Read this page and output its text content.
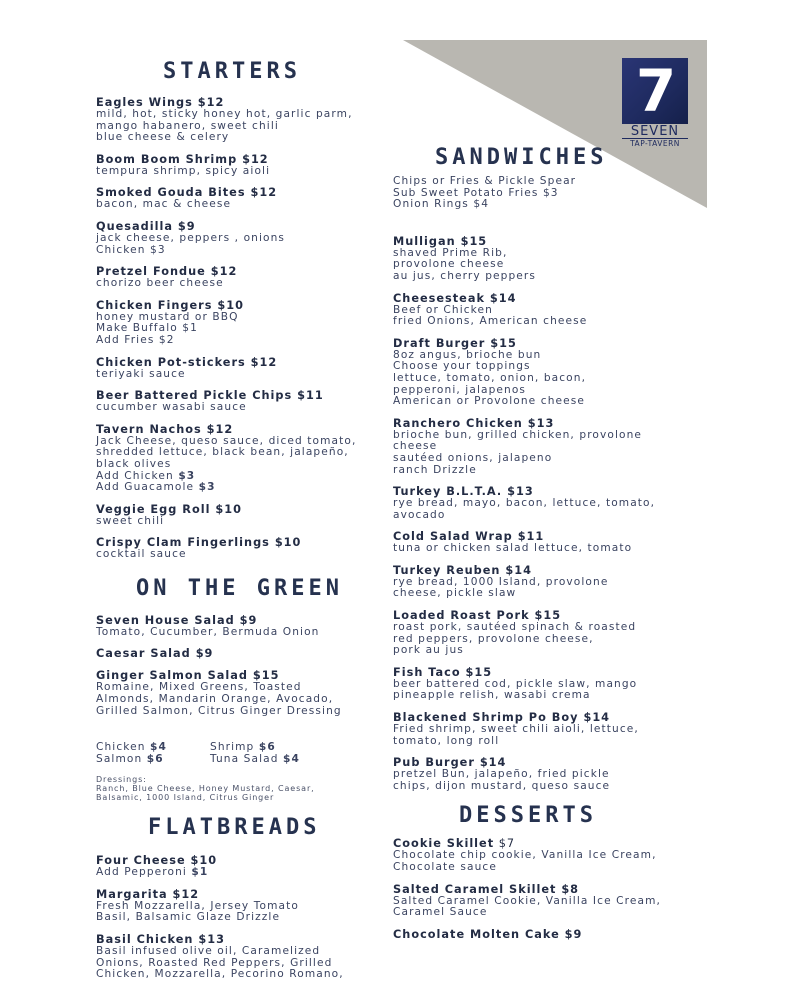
7
SEVEN
TAP-TAVERN
STARTERS
Eagles Wings $12
mild, hot, sticky honey hot, garlic parm,
mango habanero, sweet chili
blue cheese & celery
Boom Boom Shrimp $12
tempura shrimp, spicy aioli
Smoked Gouda Bites $12
bacon, mac & cheese
Quesadilla $9
jack cheese, peppers , onions
Chicken $3
Pretzel Fondue $12
chorizo beer cheese
Chicken Fingers $10
honey mustard or BBQ
Make Buffalo $1
Add Fries $2
Chicken Pot-stickers $12
teriyaki sauce
Beer Battered Pickle Chips $11
cucumber wasabi sauce
Tavern Nachos $12
Jack Cheese, queso sauce, diced tomato,
shredded lettuce, black bean, jalapeño,
black olives
Add Chicken $3
Add Guacamole $3
Veggie Egg Roll $10
sweet chili
Crispy Clam Fingerlings $10
cocktail sauce
ON THE GREEN
Seven House Salad $9
Tomato, Cucumber, Bermuda Onion
Caesar Salad $9
Ginger Salmon Salad $15
Romaine, Mixed Greens, Toasted
Almonds, Mandarin Orange, Avocado,
Grilled Salmon, Citrus Ginger Dressing
Chicken $4	Shrimp $6
Salmon $6	Tuna Salad $4
Dressings:
Ranch, Blue Cheese, Honey Mustard, Caesar,
Balsamic, 1000 Island, Citrus Ginger
FLATBREADS
Four Cheese $10
Add Pepperoni $1
Margarita $12
Fresh Mozzarella, Jersey Tomato
Basil, Balsamic Glaze Drizzle
Basil Chicken $13
Basil infused olive oil, Caramelized
Onions, Roasted Red Peppers, Grilled
Chicken, Mozzarella, Pecorino Romano,
SANDWICHES
Chips or Fries & Pickle Spear
Sub Sweet Potato Fries $3
Onion Rings $4
Mulligan $15
shaved Prime Rib,
provolone cheese
au jus, cherry peppers
Cheesesteak $14
Beef or Chicken
fried Onions, American cheese
Draft Burger $15
8oz angus, brioche bun
Choose your toppings
lettuce, tomato, onion, bacon,
pepperoni, jalapenos
American or Provolone cheese
Ranchero Chicken $13
brioche bun, grilled chicken, provolone
cheese
sautéed onions, jalapeno
ranch Drizzle
Turkey B.L.T.A. $13
rye bread, mayo, bacon, lettuce, tomato,
avocado
Cold Salad Wrap $11
tuna or chicken salad lettuce, tomato
Turkey Reuben $14
rye bread, 1000 Island, provolone
cheese, pickle slaw
Loaded Roast Pork $15
roast pork, sautéed spinach & roasted
red peppers, provolone cheese,
pork au jus
Fish Taco $15
beer battered cod, pickle slaw, mango
pineapple relish, wasabi crema
Blackened Shrimp Po Boy $14
Fried shrimp, sweet chili aioli, lettuce,
tomato, long roll
Pub Burger $14
pretzel Bun, jalapeño, fried pickle
chips, dijon mustard, queso sauce
DESSERTS
Cookie Skillet $7
Chocolate chip cookie, Vanilla Ice Cream,
Chocolate sauce
Salted Caramel Skillet $8
Salted Caramel Cookie, Vanilla Ice Cream,
Caramel Sauce
Chocolate Molten Cake $9
